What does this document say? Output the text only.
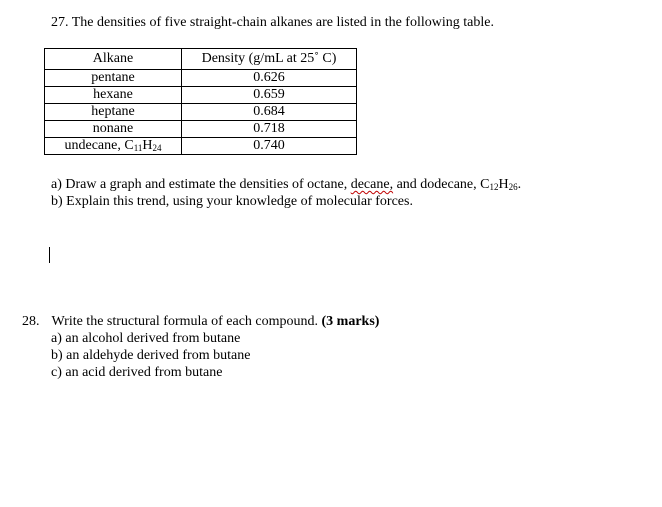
27. The densities of five straight-chain alkanes are listed in the following table.
Alkane	Density (g/mL at 25˚ C)
pentane	0.626
hexane	0.659
heptane	0.684
nonane	0.718
undecane, $C_{11}H_{24}$	0.740
a) Draw a graph and estimate the densities of octane, decane, and dodecane, $C_{12}H_{26}$.
b) Explain this trend, using your knowledge of molecular forces.
28. Write the structural formula of each compound. (3 marks)
a) an alcohol derived from butane
b) an aldehyde derived from butane
c) an acid derived from butane
